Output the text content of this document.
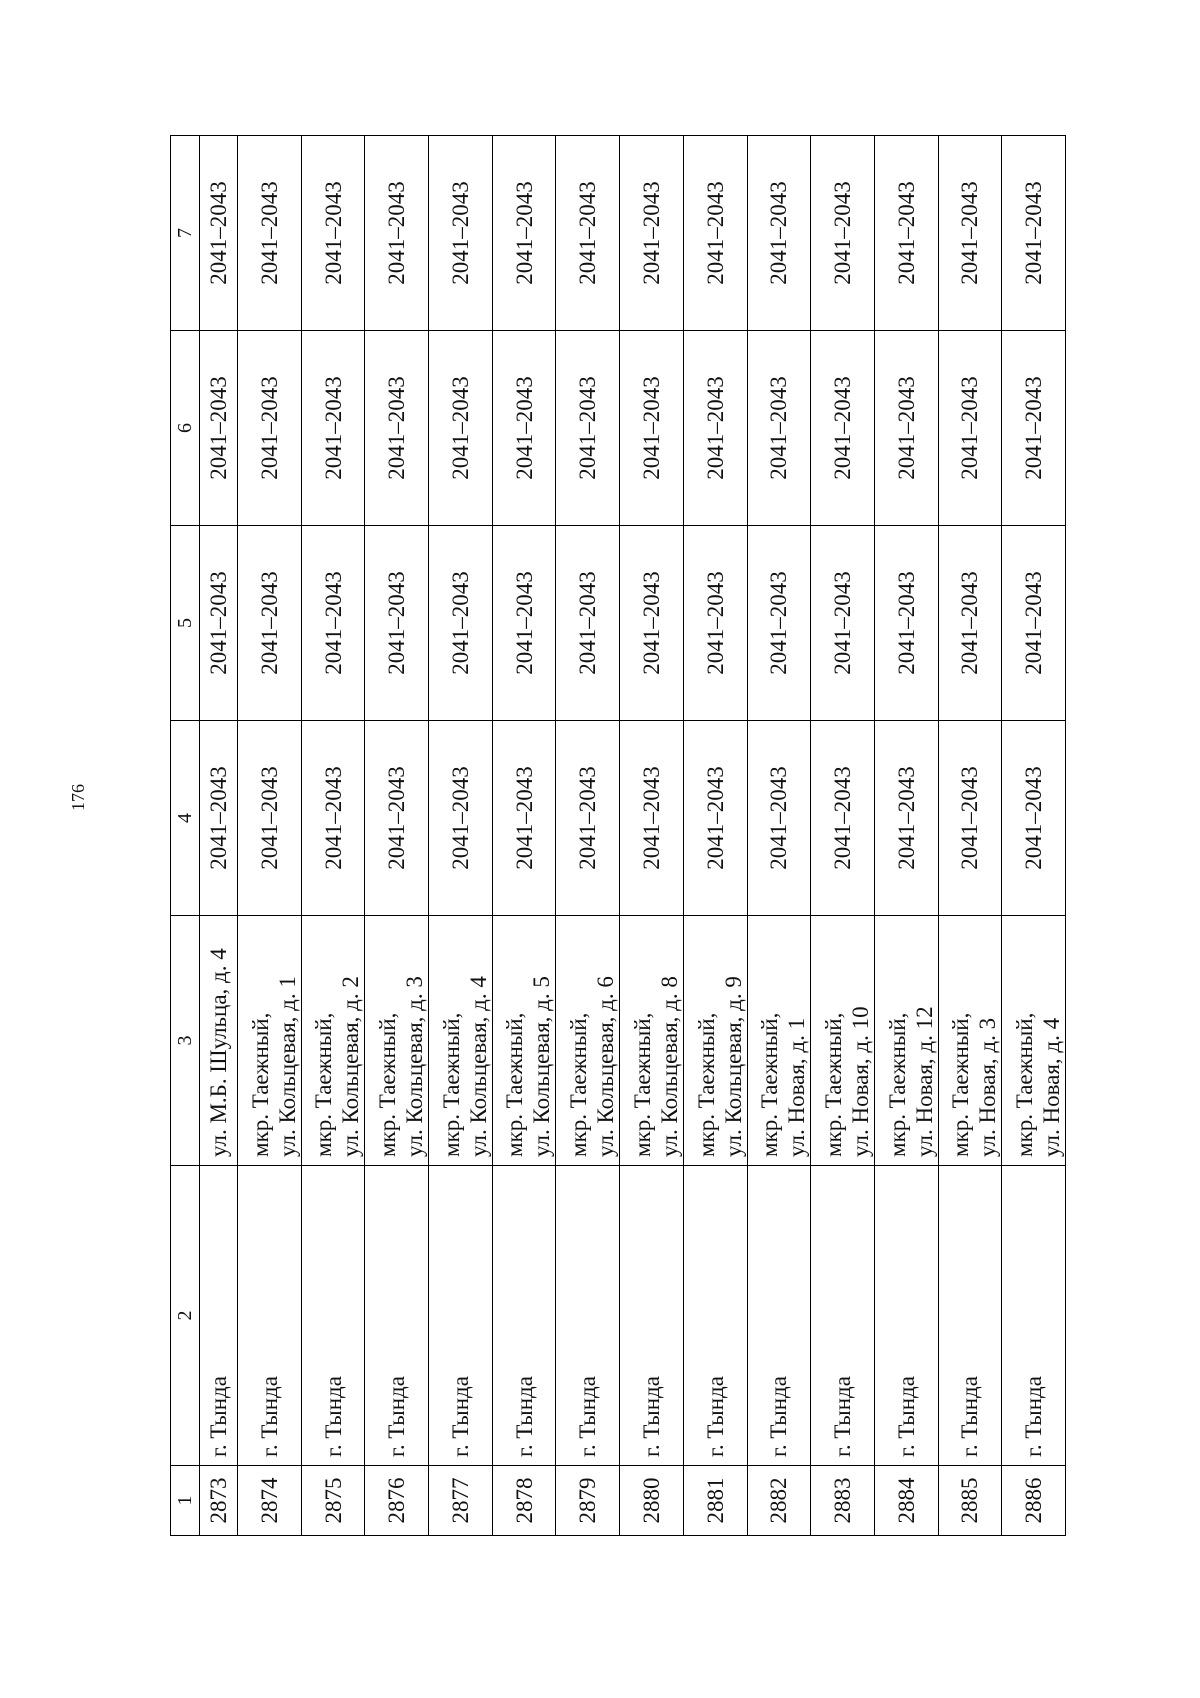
176
1	2	3	4	5	6	7
2873	г. Тында	ул. М.Б. Шульца, д. 4	2041–2043	2041–2043	2041–2043	2041–2043
2874	г. Тында	мкр. Таежный, ул. Кольцевая, д. 1	2041–2043	2041–2043	2041–2043	2041–2043
2875	г. Тында	мкр. Таежный, ул. Кольцевая, д. 2	2041–2043	2041–2043	2041–2043	2041–2043
2876	г. Тында	мкр. Таежный, ул. Кольцевая, д. 3	2041–2043	2041–2043	2041–2043	2041–2043
2877	г. Тында	мкр. Таежный, ул. Кольцевая, д. 4	2041–2043	2041–2043	2041–2043	2041–2043
2878	г. Тында	мкр. Таежный, ул. Кольцевая, д. 5	2041–2043	2041–2043	2041–2043	2041–2043
2879	г. Тында	мкр. Таежный, ул. Кольцевая, д. 6	2041–2043	2041–2043	2041–2043	2041–2043
2880	г. Тында	мкр. Таежный, ул. Кольцевая, д. 8	2041–2043	2041–2043	2041–2043	2041–2043
2881	г. Тында	мкр. Таежный, ул. Кольцевая, д. 9	2041–2043	2041–2043	2041–2043	2041–2043
2882	г. Тында	мкр. Таежный, ул. Новая, д. 1	2041–2043	2041–2043	2041–2043	2041–2043
2883	г. Тында	мкр. Таежный, ул. Новая, д. 10	2041–2043	2041–2043	2041–2043	2041–2043
2884	г. Тында	мкр. Таежный, ул. Новая, д. 12	2041–2043	2041–2043	2041–2043	2041–2043
2885	г. Тында	мкр. Таежный, ул. Новая, д. 3	2041–2043	2041–2043	2041–2043	2041–2043
2886	г. Тында	мкр. Таежный, ул. Новая, д. 4	2041–2043	2041–2043	2041–2043	2041–2043
